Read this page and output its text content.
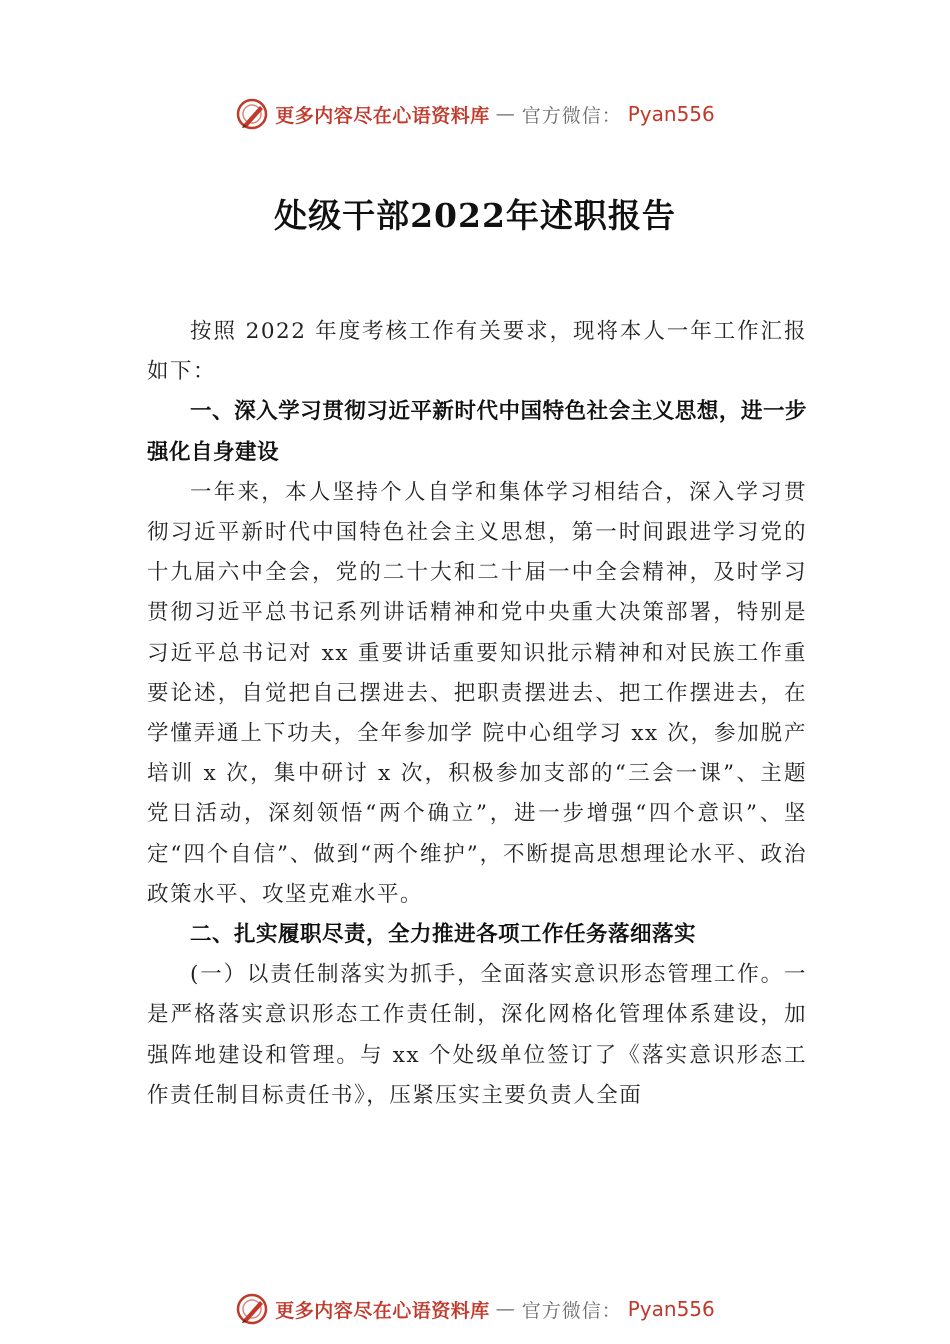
更多内容尽在心语资料库 — 官方微信： Pyan556
处级干部2022年述职报告

按照 2022 年度考核工作有关要求，现将本人一年工作汇报如下：

一、深入学习贯彻习近平新时代中国特色社会主义思想，进一步强化自身建设

一年来，本人坚持个人自学和集体学习相结合，深入学习贯彻习近平新时代中国特色社会主义思想，第一时间跟进学习党的十九届六中全会，党的二十大和二十届一中全会精神，及时学习贯彻习近平总书记系列讲话精神和党中央重大决策部署，特别是习近平总书记对 xx 重要讲话重要知识批示精神和对民族工作重要论述，自觉把自己摆进去、把职责摆进去、把工作摆进去，在学懂弄通上下功夫，全年参加学 院中心组学习 xx 次，参加脱产培训 x 次，集中研讨 x 次，积极参加支部的“三会一课”、主题党日活动，深刻领悟“两个确立”，进一步增强“四个意识”、坚定“四个自信”、做到“两个维护”，不断提高思想理论水平、政治政策水平、攻坚克难水平。

二、扎实履职尽责，全力推进各项工作任务落细落实

(一）以责任制落实为抓手，全面落实意识形态管理工作。一是严格落实意识形态工作责任制，深化网格化管理体系建设，加强阵地建设和管理。与 xx 个处级单位签订了《落实意识形态工作责任制目标责任书》，压紧压实主要负责人全面

更多内容尽在心语资料库 — 官方微信： Pyan556
